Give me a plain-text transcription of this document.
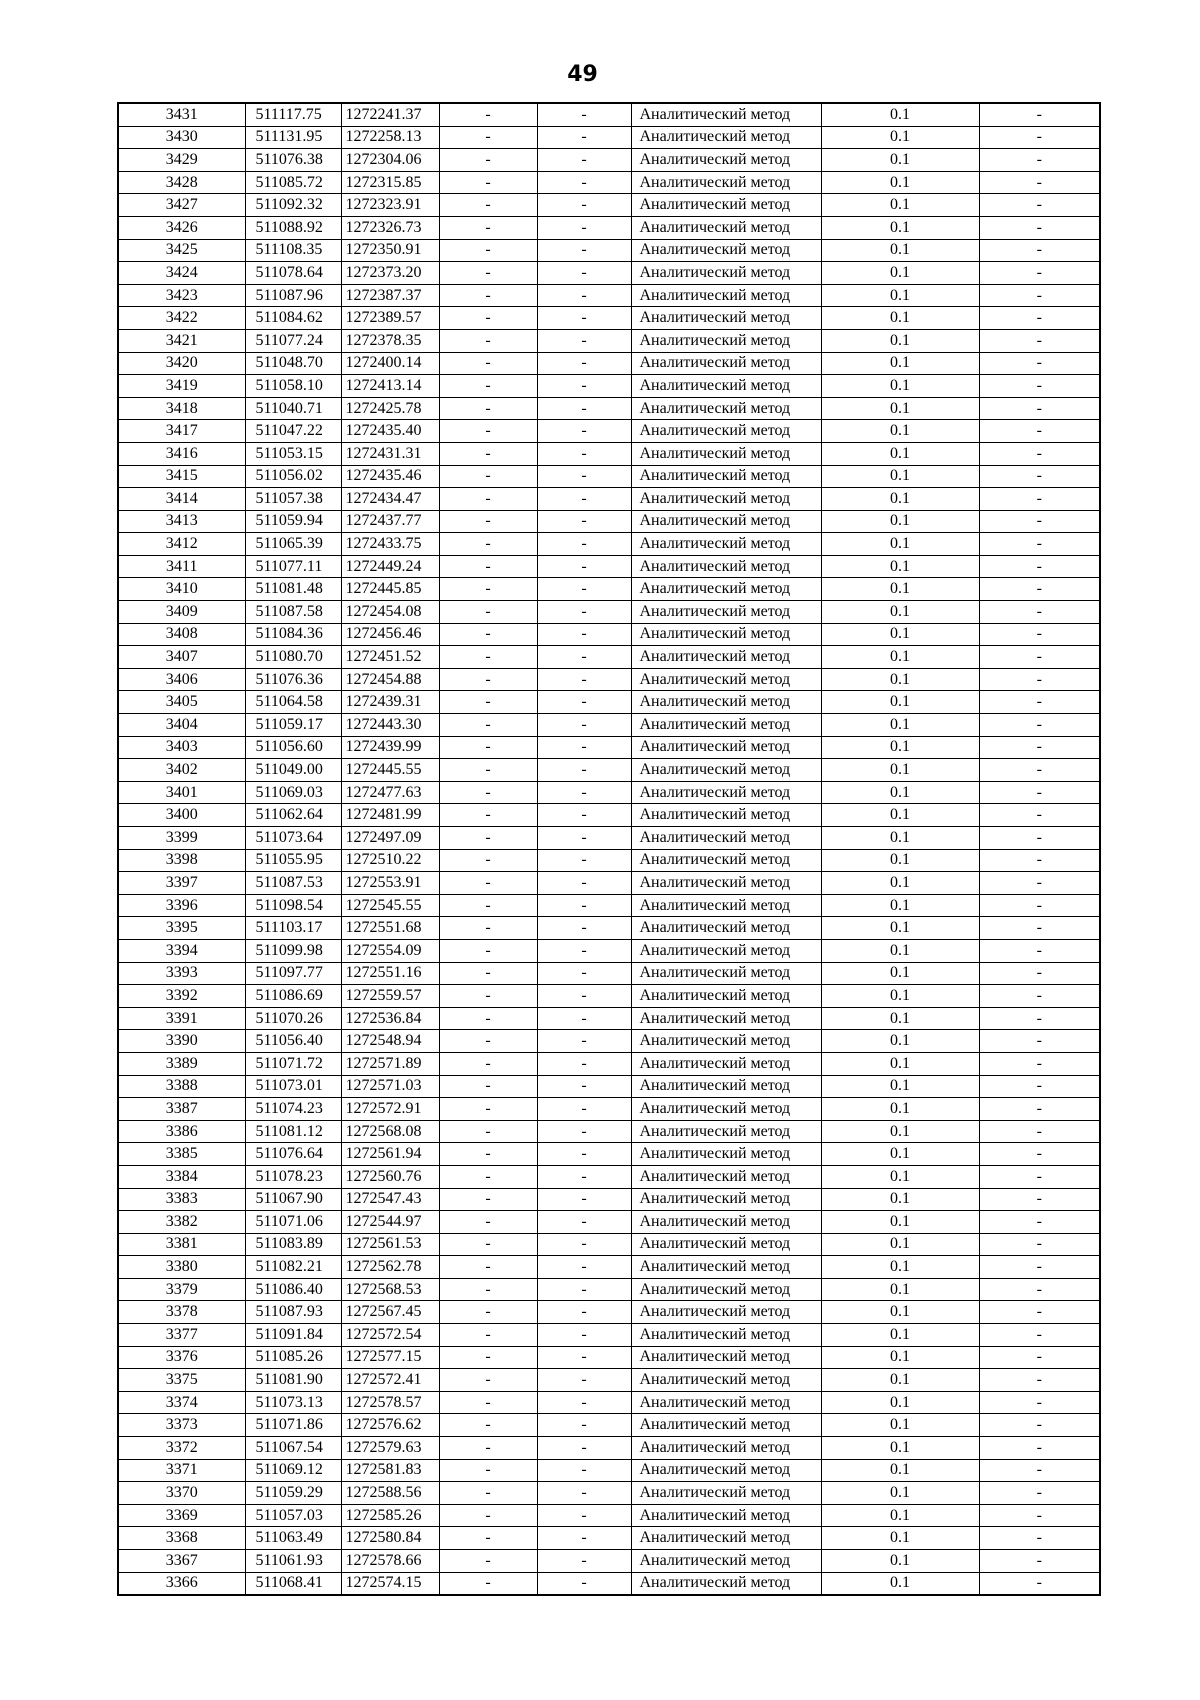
49
3431	511117.75	1272241.37	-	-	Аналитический метод	0.1	-
3430	511131.95	1272258.13	-	-	Аналитический метод	0.1	-
3429	511076.38	1272304.06	-	-	Аналитический метод	0.1	-
3428	511085.72	1272315.85	-	-	Аналитический метод	0.1	-
3427	511092.32	1272323.91	-	-	Аналитический метод	0.1	-
3426	511088.92	1272326.73	-	-	Аналитический метод	0.1	-
3425	511108.35	1272350.91	-	-	Аналитический метод	0.1	-
3424	511078.64	1272373.20	-	-	Аналитический метод	0.1	-
3423	511087.96	1272387.37	-	-	Аналитический метод	0.1	-
3422	511084.62	1272389.57	-	-	Аналитический метод	0.1	-
3421	511077.24	1272378.35	-	-	Аналитический метод	0.1	-
3420	511048.70	1272400.14	-	-	Аналитический метод	0.1	-
3419	511058.10	1272413.14	-	-	Аналитический метод	0.1	-
3418	511040.71	1272425.78	-	-	Аналитический метод	0.1	-
3417	511047.22	1272435.40	-	-	Аналитический метод	0.1	-
3416	511053.15	1272431.31	-	-	Аналитический метод	0.1	-
3415	511056.02	1272435.46	-	-	Аналитический метод	0.1	-
3414	511057.38	1272434.47	-	-	Аналитический метод	0.1	-
3413	511059.94	1272437.77	-	-	Аналитический метод	0.1	-
3412	511065.39	1272433.75	-	-	Аналитический метод	0.1	-
3411	511077.11	1272449.24	-	-	Аналитический метод	0.1	-
3410	511081.48	1272445.85	-	-	Аналитический метод	0.1	-
3409	511087.58	1272454.08	-	-	Аналитический метод	0.1	-
3408	511084.36	1272456.46	-	-	Аналитический метод	0.1	-
3407	511080.70	1272451.52	-	-	Аналитический метод	0.1	-
3406	511076.36	1272454.88	-	-	Аналитический метод	0.1	-
3405	511064.58	1272439.31	-	-	Аналитический метод	0.1	-
3404	511059.17	1272443.30	-	-	Аналитический метод	0.1	-
3403	511056.60	1272439.99	-	-	Аналитический метод	0.1	-
3402	511049.00	1272445.55	-	-	Аналитический метод	0.1	-
3401	511069.03	1272477.63	-	-	Аналитический метод	0.1	-
3400	511062.64	1272481.99	-	-	Аналитический метод	0.1	-
3399	511073.64	1272497.09	-	-	Аналитический метод	0.1	-
3398	511055.95	1272510.22	-	-	Аналитический метод	0.1	-
3397	511087.53	1272553.91	-	-	Аналитический метод	0.1	-
3396	511098.54	1272545.55	-	-	Аналитический метод	0.1	-
3395	511103.17	1272551.68	-	-	Аналитический метод	0.1	-
3394	511099.98	1272554.09	-	-	Аналитический метод	0.1	-
3393	511097.77	1272551.16	-	-	Аналитический метод	0.1	-
3392	511086.69	1272559.57	-	-	Аналитический метод	0.1	-
3391	511070.26	1272536.84	-	-	Аналитический метод	0.1	-
3390	511056.40	1272548.94	-	-	Аналитический метод	0.1	-
3389	511071.72	1272571.89	-	-	Аналитический метод	0.1	-
3388	511073.01	1272571.03	-	-	Аналитический метод	0.1	-
3387	511074.23	1272572.91	-	-	Аналитический метод	0.1	-
3386	511081.12	1272568.08	-	-	Аналитический метод	0.1	-
3385	511076.64	1272561.94	-	-	Аналитический метод	0.1	-
3384	511078.23	1272560.76	-	-	Аналитический метод	0.1	-
3383	511067.90	1272547.43	-	-	Аналитический метод	0.1	-
3382	511071.06	1272544.97	-	-	Аналитический метод	0.1	-
3381	511083.89	1272561.53	-	-	Аналитический метод	0.1	-
3380	511082.21	1272562.78	-	-	Аналитический метод	0.1	-
3379	511086.40	1272568.53	-	-	Аналитический метод	0.1	-
3378	511087.93	1272567.45	-	-	Аналитический метод	0.1	-
3377	511091.84	1272572.54	-	-	Аналитический метод	0.1	-
3376	511085.26	1272577.15	-	-	Аналитический метод	0.1	-
3375	511081.90	1272572.41	-	-	Аналитический метод	0.1	-
3374	511073.13	1272578.57	-	-	Аналитический метод	0.1	-
3373	511071.86	1272576.62	-	-	Аналитический метод	0.1	-
3372	511067.54	1272579.63	-	-	Аналитический метод	0.1	-
3371	511069.12	1272581.83	-	-	Аналитический метод	0.1	-
3370	511059.29	1272588.56	-	-	Аналитический метод	0.1	-
3369	511057.03	1272585.26	-	-	Аналитический метод	0.1	-
3368	511063.49	1272580.84	-	-	Аналитический метод	0.1	-
3367	511061.93	1272578.66	-	-	Аналитический метод	0.1	-
3366	511068.41	1272574.15	-	-	Аналитический метод	0.1	-
